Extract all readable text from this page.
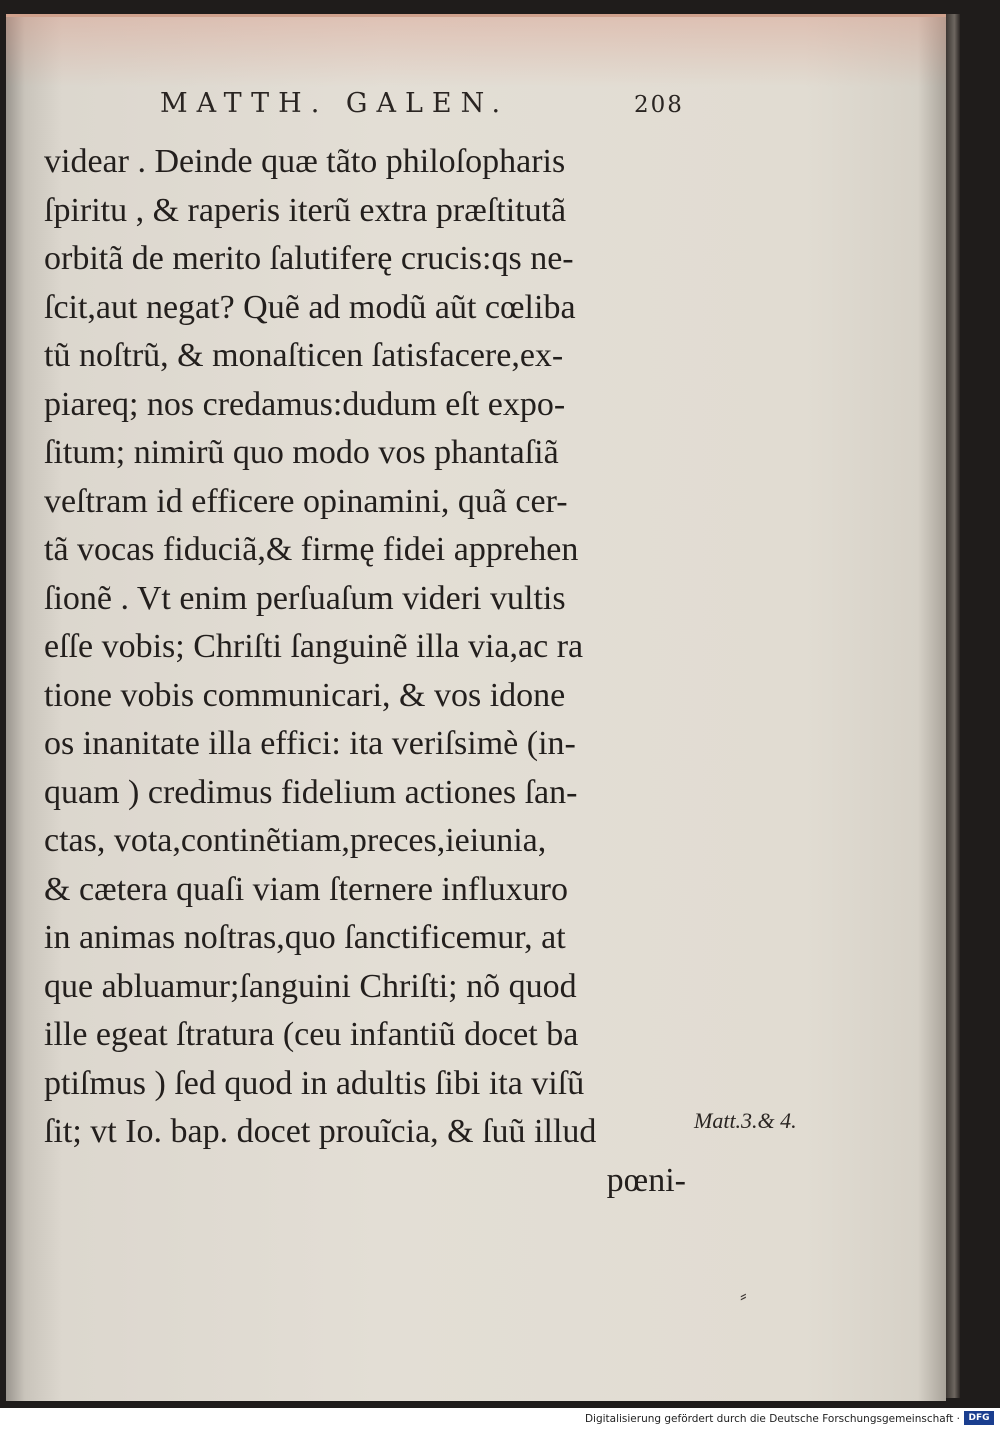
MATTH. GALEN.	208
videar . Deinde quæ tãto philoſopharis
ſpiritu , & raperis iterũ extra præſtitutã
orbitã de merito ſalutiferę crucis:qs ne-
ſcit,aut negat? Quẽ ad modũ aũt cœliba
tũ noſtrũ, & monaſticen ſatisfacere,ex-
piareq; nos credamus:dudum eſt expo-
ſitum; nimirũ quo modo vos phantaſiã
veſtram id efficere opinamini, quã cer-
tã vocas fiduciã,& firmę fidei apprehen
ſionẽ . Vt enim perſuaſum videri vultis
eſſe vobis; Chriſti ſanguinẽ illa via,ac ra
tione vobis communicari, & vos idone
os inanitate illa effici: ita veriſsimè (in-
quam ) credimus fidelium actiones ſan-
ctas, vota,continẽtiam,preces,ieiunia,
& cætera quaſi viam ſternere influxuro
in animas noſtras,quo ſanctificemur, at
que abluamur;ſanguini Chriſti; nõ quod
ille egeat ſtratura (ceu infantiũ docet ba
ptiſmus ) ſed quod in adultis ſibi ita viſũ
ſit; vt Io. bap. docet prouĩcia, & ſuũ illud
pœni-
Matt.3.& 4.
⸗
Digitalisierung gefördert durch die Deutsche Forschungsgemeinschaft · DFG
